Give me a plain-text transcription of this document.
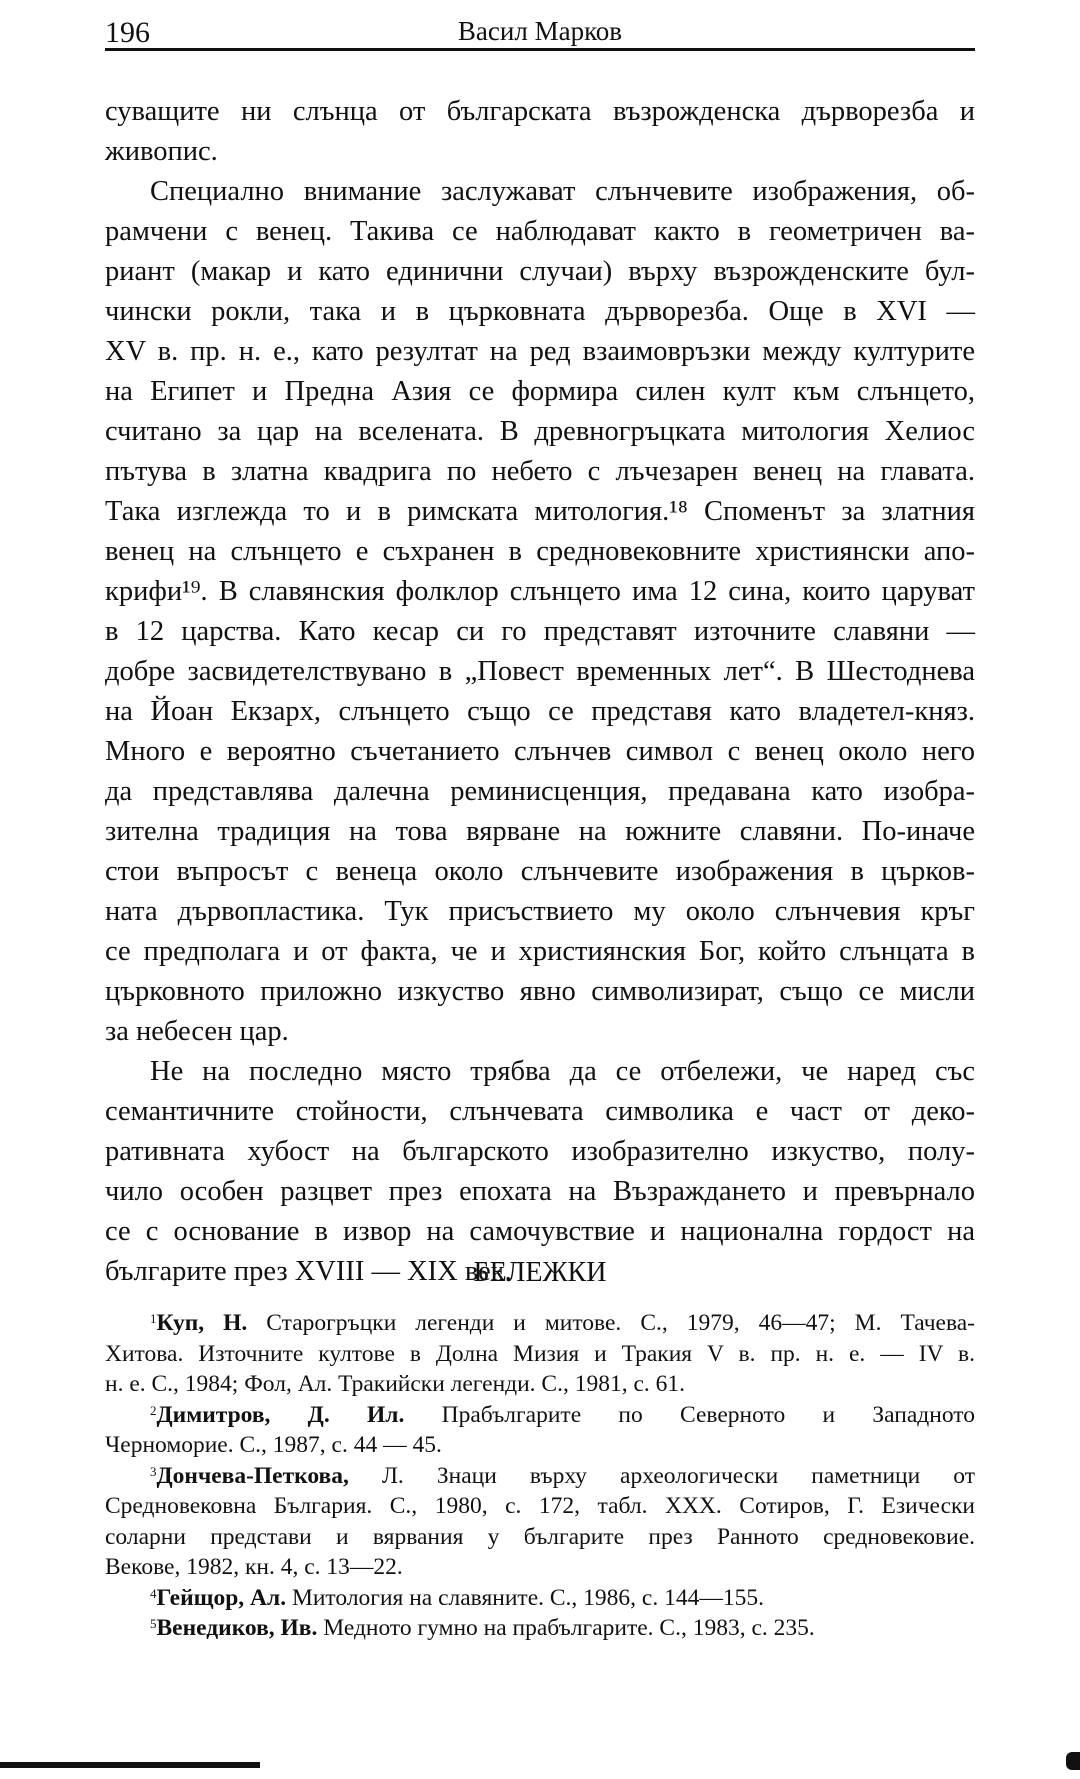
196	Васил Марков
суващите ни слънца от българската възрожденска дърворезба и
живопис.
Специално внимание заслужават слънчевите изображения, об-
рамчени с венец. Такива се наблюдават както в геометричен ва-
риант (макар и като единични случаи) върху възрожденските бул-
чински рокли, така и в църковната дърворезба. Още в XVI —
XV в. пр. н. е., като резултат на ред взаимовръзки между културите
на Египет и Предна Азия се формира силен култ към слънцето,
считано за цар на вселената. В древногръцката митология Хелиос
пътува в златна квадрига по небето с лъчезарен венец на главата.
Така изглежда то и в римската митология.¹⁸ Споменът за златния
венец на слънцето е съхранен в средновековните християнски апо-
крифи¹⁹. В славянския фолклор слънцето има 12 сина, които царуват
в 12 царства. Като кесар си го представят източните славяни —
добре засвидетелствувано в „Повест временных лет“. В Шестоднева
на Йоан Екзарх, слънцето също се представя като владетел-княз.
Много е вероятно съчетанието слънчев символ с венец около него
да представлява далечна реминисценция, предавана като изобра-
зителна традиция на това вярване на южните славяни. По-иначе
стои въпросът с венеца около слънчевите изображения в църков-
ната дървопластика. Тук присъствието му около слънчевия кръг
се предполага и от факта, че и християнския Бог, който слънцата в
църковното приложно изкуство явно символизират, също се мисли
за небесен цар.
Не на последно място трябва да се отбележи, че наред със
семантичните стойности, слънчевата символика е част от деко-
ративната хубост на българското изобразително изкуство, полу-
чило особен разцвет през епохата на Възраждането и превърнало
се с основание в извор на самочувствие и национална гордост на
българите през XVIII — XIX век.
БЕЛЕЖКИ
$^1$Куп, Н. Старогръцки легенди и митове. С., 1979, 46—47; М. Тачева-
Хитова. Източните култове в Долна Мизия и Тракия V в. пр. н. е. — IV в.
н. е. С., 1984; Фол, Ал. Тракийски легенди. С., 1981, с. 61.
$^2$Димитров, Д. Ил. Прабългарите по Северното и Западното
Черноморие. С., 1987, с. 44 — 45.
$^3$Дончева-Петкова, Л. Знаци върху археологически паметници от
Средновековна България. С., 1980, с. 172, табл. XXX. Сотиров, Г. Езически
соларни представи и вярвания у българите през Ранното средновековие.
Векове, 1982, кн. 4, с. 13—22.
$^4$Гейщор, Ал. Митология на славяните. С., 1986, с. 144—155.
$^5$Венедиков, Ив. Медното гумно на прабългарите. С., 1983, с. 235.
